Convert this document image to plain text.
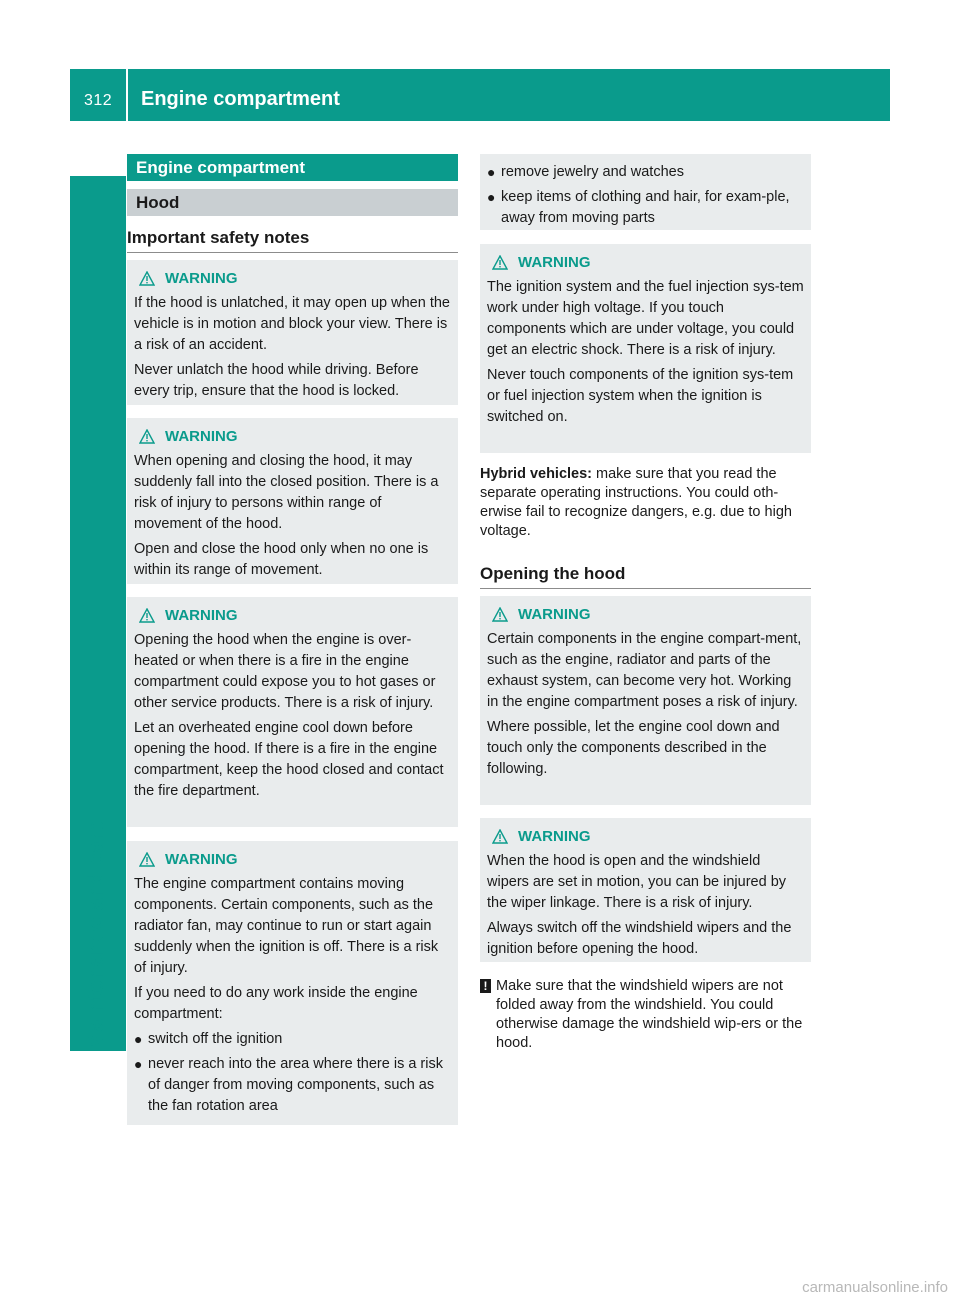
312 Engine compartment
Maintenance and care
Engine compartment
Hood
Important safety notes
WARNING

If the hood is unlatched, it may open up when the vehicle is in motion and block your view. There is a risk of an accident.

Never unlatch the hood while driving. Before every trip, ensure that the hood is locked.

WARNING

When opening and closing the hood, it may suddenly fall into the closed position. There is a risk of injury to persons within range of movement of the hood.

Open and close the hood only when no one is within its range of movement.

WARNING

Opening the hood when the engine is over-heated or when there is a fire in the engine compartment could expose you to hot gases or other service products. There is a risk of injury.

Let an overheated engine cool down before opening the hood. If there is a fire in the engine compartment, keep the hood closed and contact the fire department.

WARNING

The engine compartment contains moving components. Certain components, such as the radiator fan, may continue to run or start again suddenly when the ignition is off. There is a risk of injury.

If you need to do any work inside the engine compartment:

● switch off the ignition
● never reach into the area where there is a risk of danger from moving components, such as the fan rotation area
● remove jewelry and watches
● keep items of clothing and hair, for exam-ple, away from moving parts
WARNING

The ignition system and the fuel injection sys-tem work under high voltage. If you touch components which are under voltage, you could get an electric shock. There is a risk of injury.

Never touch components of the ignition sys-tem or fuel injection system when the ignition is switched on.

Hybrid vehicles: make sure that you read the separate operating instructions. You could oth-erwise fail to recognize dangers, e.g. due to high voltage.
Opening the hood
WARNING

Certain components in the engine compart-ment, such as the engine, radiator and parts of the exhaust system, can become very hot. Working in the engine compartment poses a risk of injury.

Where possible, let the engine cool down and touch only the components described in the following.

WARNING

When the hood is open and the windshield wipers are set in motion, you can be injured by the wiper linkage. There is a risk of injury.

Always switch off the windshield wipers and the ignition before opening the hood.

! Make sure that the windshield wipers are not folded away from the windshield. You could otherwise damage the windshield wip-ers or the hood.
carmanualsonline.info
